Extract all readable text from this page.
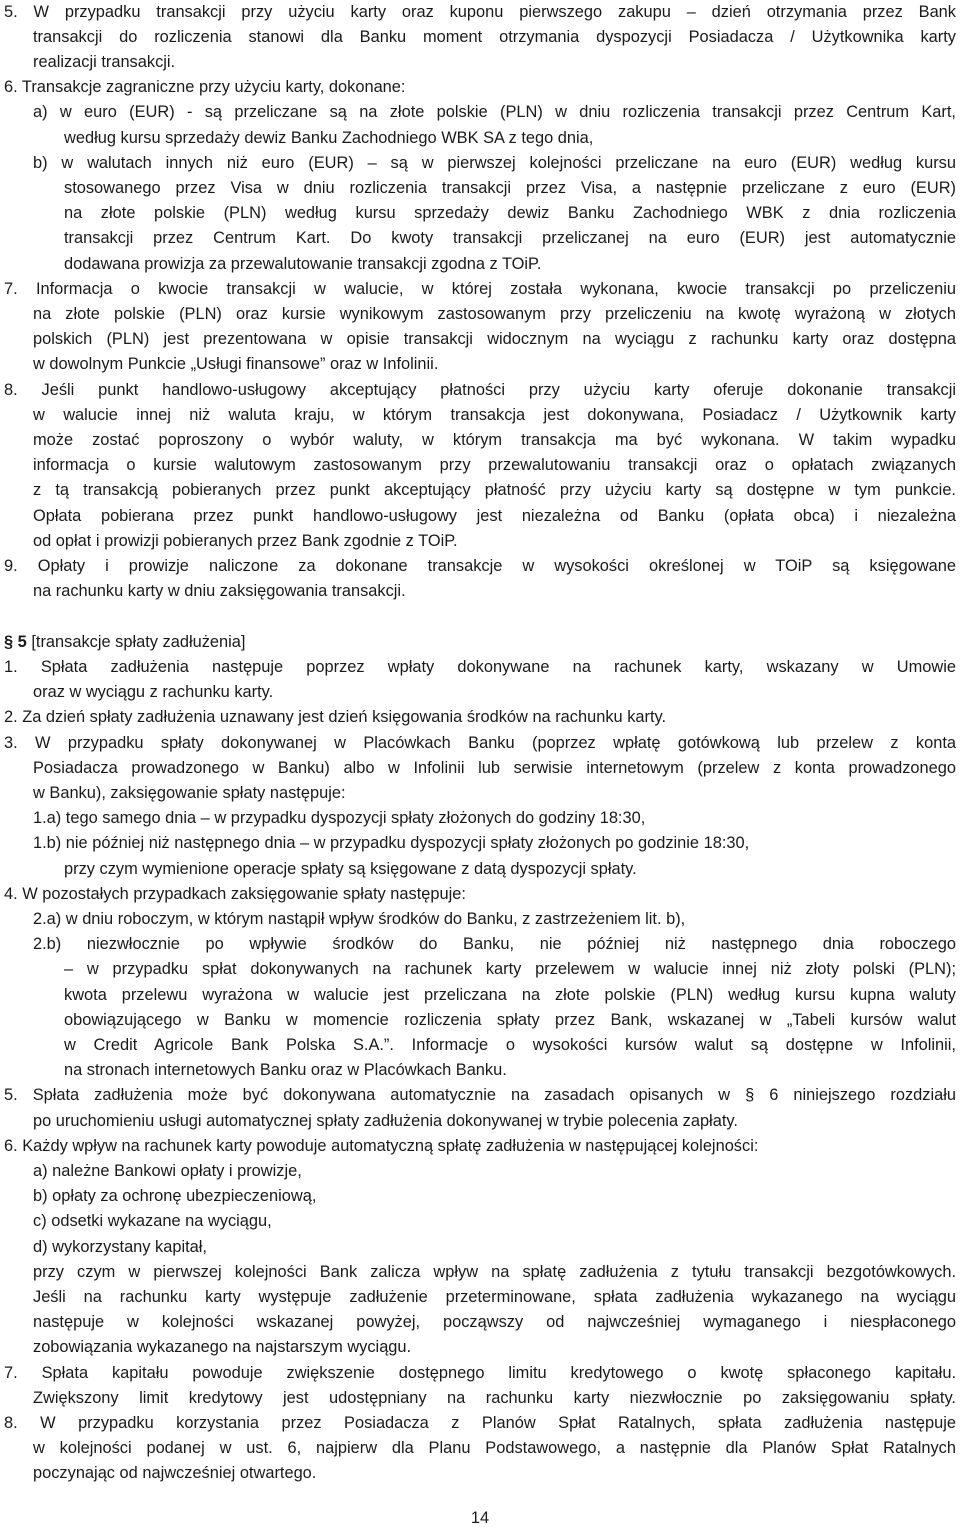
5. W przypadku transakcji przy użyciu karty oraz kuponu pierwszego zakupu – dzień otrzymania przez Bank
transakcji do rozliczenia stanowi dla Banku moment otrzymania dyspozycji Posiadacza / Użytkownika karty
realizacji transakcji.
6. Transakcje zagraniczne przy użyciu karty, dokonane:
a) w euro (EUR) - są przeliczane są na złote polskie (PLN) w dniu rozliczenia transakcji przez Centrum Kart,
według kursu sprzedaży dewiz Banku Zachodniego WBK SA z tego dnia,
b) w walutach innych niż euro (EUR) – są w pierwszej kolejności przeliczane na euro (EUR) według kursu
stosowanego przez Visa w dniu rozliczenia transakcji przez Visa, a następnie przeliczane z euro (EUR)
na złote polskie (PLN) według kursu sprzedaży dewiz Banku Zachodniego WBK z dnia rozliczenia
transakcji przez Centrum Kart. Do kwoty transakcji przeliczanej na euro (EUR) jest automatycznie
dodawana prowizja za przewalutowanie transakcji zgodna z TOiP.
7. Informacja o kwocie transakcji w walucie, w której została wykonana, kwocie transakcji po przeliczeniu
na złote polskie (PLN) oraz kursie wynikowym zastosowanym przy przeliczeniu na kwotę wyrażoną w złotych
polskich (PLN) jest prezentowana w opisie transakcji widocznym na wyciągu z rachunku karty oraz dostępna
w dowolnym Punkcie „Usługi finansowe” oraz w Infolinii.
8. Jeśli punkt handlowo-usługowy akceptujący płatności przy użyciu karty oferuje dokonanie transakcji
w walucie innej niż waluta kraju, w którym transakcja jest dokonywana, Posiadacz / Użytkownik karty
może zostać poproszony o wybór waluty, w którym transakcja ma być wykonana. W takim wypadku
informacja o kursie walutowym zastosowanym przy przewalutowaniu transakcji oraz o opłatach związanych
z tą transakcją pobieranych przez punkt akceptujący płatność przy użyciu karty są dostępne w tym punkcie.
Opłata pobierana przez punkt handlowo-usługowy jest niezależna od Banku (opłata obca) i niezależna
od opłat i prowizji pobieranych przez Bank zgodnie z TOiP.
9. Opłaty i prowizje naliczone za dokonane transakcje w wysokości określonej w TOiP są księgowane
na rachunku karty w dniu zaksięgowania transakcji.
§ 5 [transakcje spłaty zadłużenia]
1. Spłata zadłużenia następuje poprzez wpłaty dokonywane na rachunek karty, wskazany w Umowie
oraz w wyciągu z rachunku karty.
2. Za dzień spłaty zadłużenia uznawany jest dzień księgowania środków na rachunku karty.
3. W przypadku spłaty dokonywanej w Placówkach Banku (poprzez wpłatę gotówkową lub przelew z konta
Posiadacza prowadzonego w Banku) albo w Infolinii lub serwisie internetowym (przelew z konta prowadzonego
w Banku), zaksięgowanie spłaty następuje:
1.a) tego samego dnia – w przypadku dyspozycji spłaty złożonych do godziny 18:30,
1.b) nie później niż następnego dnia – w przypadku dyspozycji spłaty złożonych po godzinie 18:30,
przy czym wymienione operacje spłaty są księgowane z datą dyspozycji spłaty.
4. W pozostałych przypadkach zaksięgowanie spłaty następuje:
2.a) w dniu roboczym, w którym nastąpił wpływ środków do Banku, z zastrzeżeniem lit. b),
2.b) niezwłocznie po wpływie środków do Banku, nie później niż następnego dnia roboczego
– w przypadku spłat dokonywanych na rachunek karty przelewem w walucie innej niż złoty polski (PLN);
kwota przelewu wyrażona w walucie jest przeliczana na złote polskie (PLN) według kursu kupna waluty
obowiązującego w Banku w momencie rozliczenia spłaty przez Bank, wskazanej w „Tabeli kursów walut
w Credit Agricole Bank Polska S.A.”. Informacje o wysokości kursów walut są dostępne w Infolinii,
na stronach internetowych Banku oraz w Placówkach Banku.
5. Spłata zadłużenia może być dokonywana automatycznie na zasadach opisanych w § 6 niniejszego rozdziału
po uruchomieniu usługi automatycznej spłaty zadłużenia dokonywanej w trybie polecenia zapłaty.
6. Każdy wpływ na rachunek karty powoduje automatyczną spłatę zadłużenia w następującej kolejności:
a) należne Bankowi opłaty i prowizje,
b) opłaty za ochronę ubezpieczeniową,
c) odsetki wykazane na wyciągu,
d) wykorzystany kapitał,
przy czym w pierwszej kolejności Bank zalicza wpływ na spłatę zadłużenia z tytułu transakcji bezgotówkowych.
Jeśli na rachunku karty występuje zadłużenie przeterminowane, spłata zadłużenia wykazanego na wyciągu
następuje w kolejności wskazanej powyżej, począwszy od najwcześniej wymaganego i niespłaconego
zobowiązania wykazanego na najstarszym wyciągu.
7. Spłata kapitału powoduje zwiększenie dostępnego limitu kredytowego o kwotę spłaconego kapitału.
Zwiększony limit kredytowy jest udostępniany na rachunku karty niezwłocznie po zaksięgowaniu spłaty.
8. W przypadku korzystania przez Posiadacza z Planów Spłat Ratalnych, spłata zadłużenia następuje
w kolejności podanej w ust. 6, najpierw dla Planu Podstawowego, a następnie dla Planów Spłat Ratalnych
poczynając od najwcześniej otwartego.
14
